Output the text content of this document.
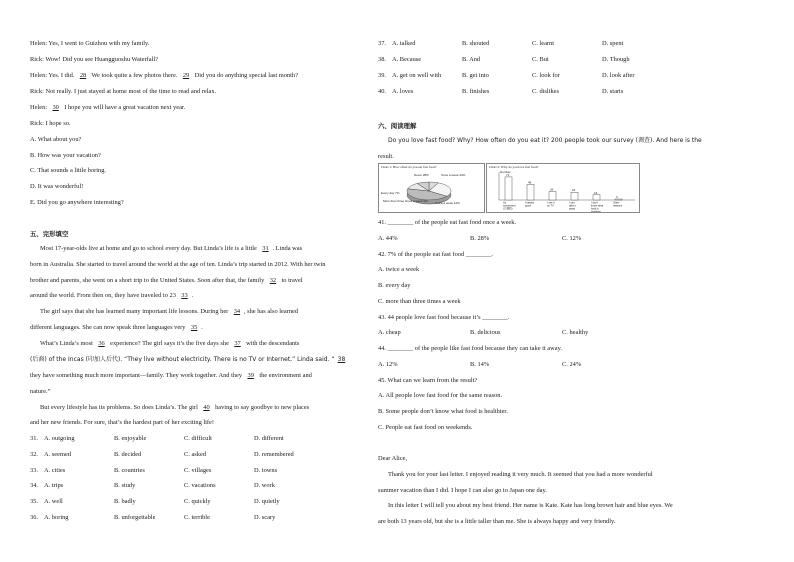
Helen: Yes, I went to Guizhou with my family.
Rick: Wow! Did you see Huangguoshu Waterfall?
Helen: Yes. I did. 28 We took quite a few photos there. 29 Did you do anything special last month?
Rick: Not really. I just stayed at home most of the time to read and relax.
Helen: 30 I hope you will have a great vacation next year.
Rick: I hope so.
A. What about you?
B. How was your vacation?
C. That sounds a little boring.
D. It was wonderful!
E. Did you go anywhere interesting?
五、完形填空
Most 17-year-olds live at home and go to school every day. But Linda’s life is a little 31 . Linda was
born in Australia. She started to travel around the world at the age of ten. Linda’s trip started in 2012. With her twin
brother and parents, she went on a short trip to the United States. Soon after that, the family 32 to travel
around the world. From then on, they have traveled to 23 33 .
The girl says that she has learned many important life lessons. During her 34 , she has also learned
different languages. She can now speak three languages very 35 .
What’s Linda’s most 36 experience? The girl says it’s the five days she 37 with the descendants
(后裔) of the Incas (印加人后代). “They live without electricity. There is no TV or Internet,” Linda said. “ 38
they have something much more important—family. They work together. And they 39 the environment and
nature.”
But every lifestyle has its problems. So does Linda’s. The girl 40 having to say goodbye to new places
and her new friends. For sure, that’s the hardest part of her exciting life!
31. A. outgoing	B. enjoyable	C. difficult	D. different
32. A. seemed	B. decided	C. asked	D. remembered
33. A. cities	B. countries	C. villages	D. towns
34. A. trips	B. study	C. vacations	D. work
35. A. well	B. badly	C. quickly	D. quietly
36. A. boring	B. unforgettable	C. terrible	D. scary
37. A. talked	B. shouted	C. learnt	D. spent
38. A. Because	B. And	C. But	D. Though
39. A. get on well with	B. get into	C. look for	D. look after
40. A. loves	B. finishes	C. dislikes	D. starts
六、阅读理解
Do you love fast food? Why? How often do you eat it? 200 people took our survey (调查). And here is the
result.
Chart 1: How often do you eat fast food?
Never 28%	Once a week 44%
Every day 7%
More than three times a week 9% Twice a week 12%
Chart 2: Why do you love fast food?
Number
71
It's
convenient
(方便的)
48
It tastes
good
26
I see it
on TV
24
I can
take it
away
16
I don't
know what
food is
healthier
3
Other
reasons
41. ________ of the people eat fast food once a week.
A. 44%	B. 28%	C. 12%
42. 7% of the people eat fast food ________.
A. twice a week
B. every day
C. more than three times a week
43. 44 people love fast food because it’s ________.
A. cheap	B. delicious	C. healthy
44. ________ of the people like fast food because they can take it away.
A. 12%	B. 14%	C. 24%
45. What can we learn from the result?
A. All people love fast food for the same reason.
B. Some people don’t know what food is healthier.
C. People eat fast food on weekends.
Dear Alice,
Thank you for your last letter. I enjoyed reading it very much. It seemed that you had a more wonderful
summer vacation than I did. I hope I can also go to Japan one day.
In this letter I will tell you about my best friend. Her name is Kate. Kate has long brown hair and blue eyes. We
are both 13 years old, but she is a little taller than me. She is always happy and very friendly.
